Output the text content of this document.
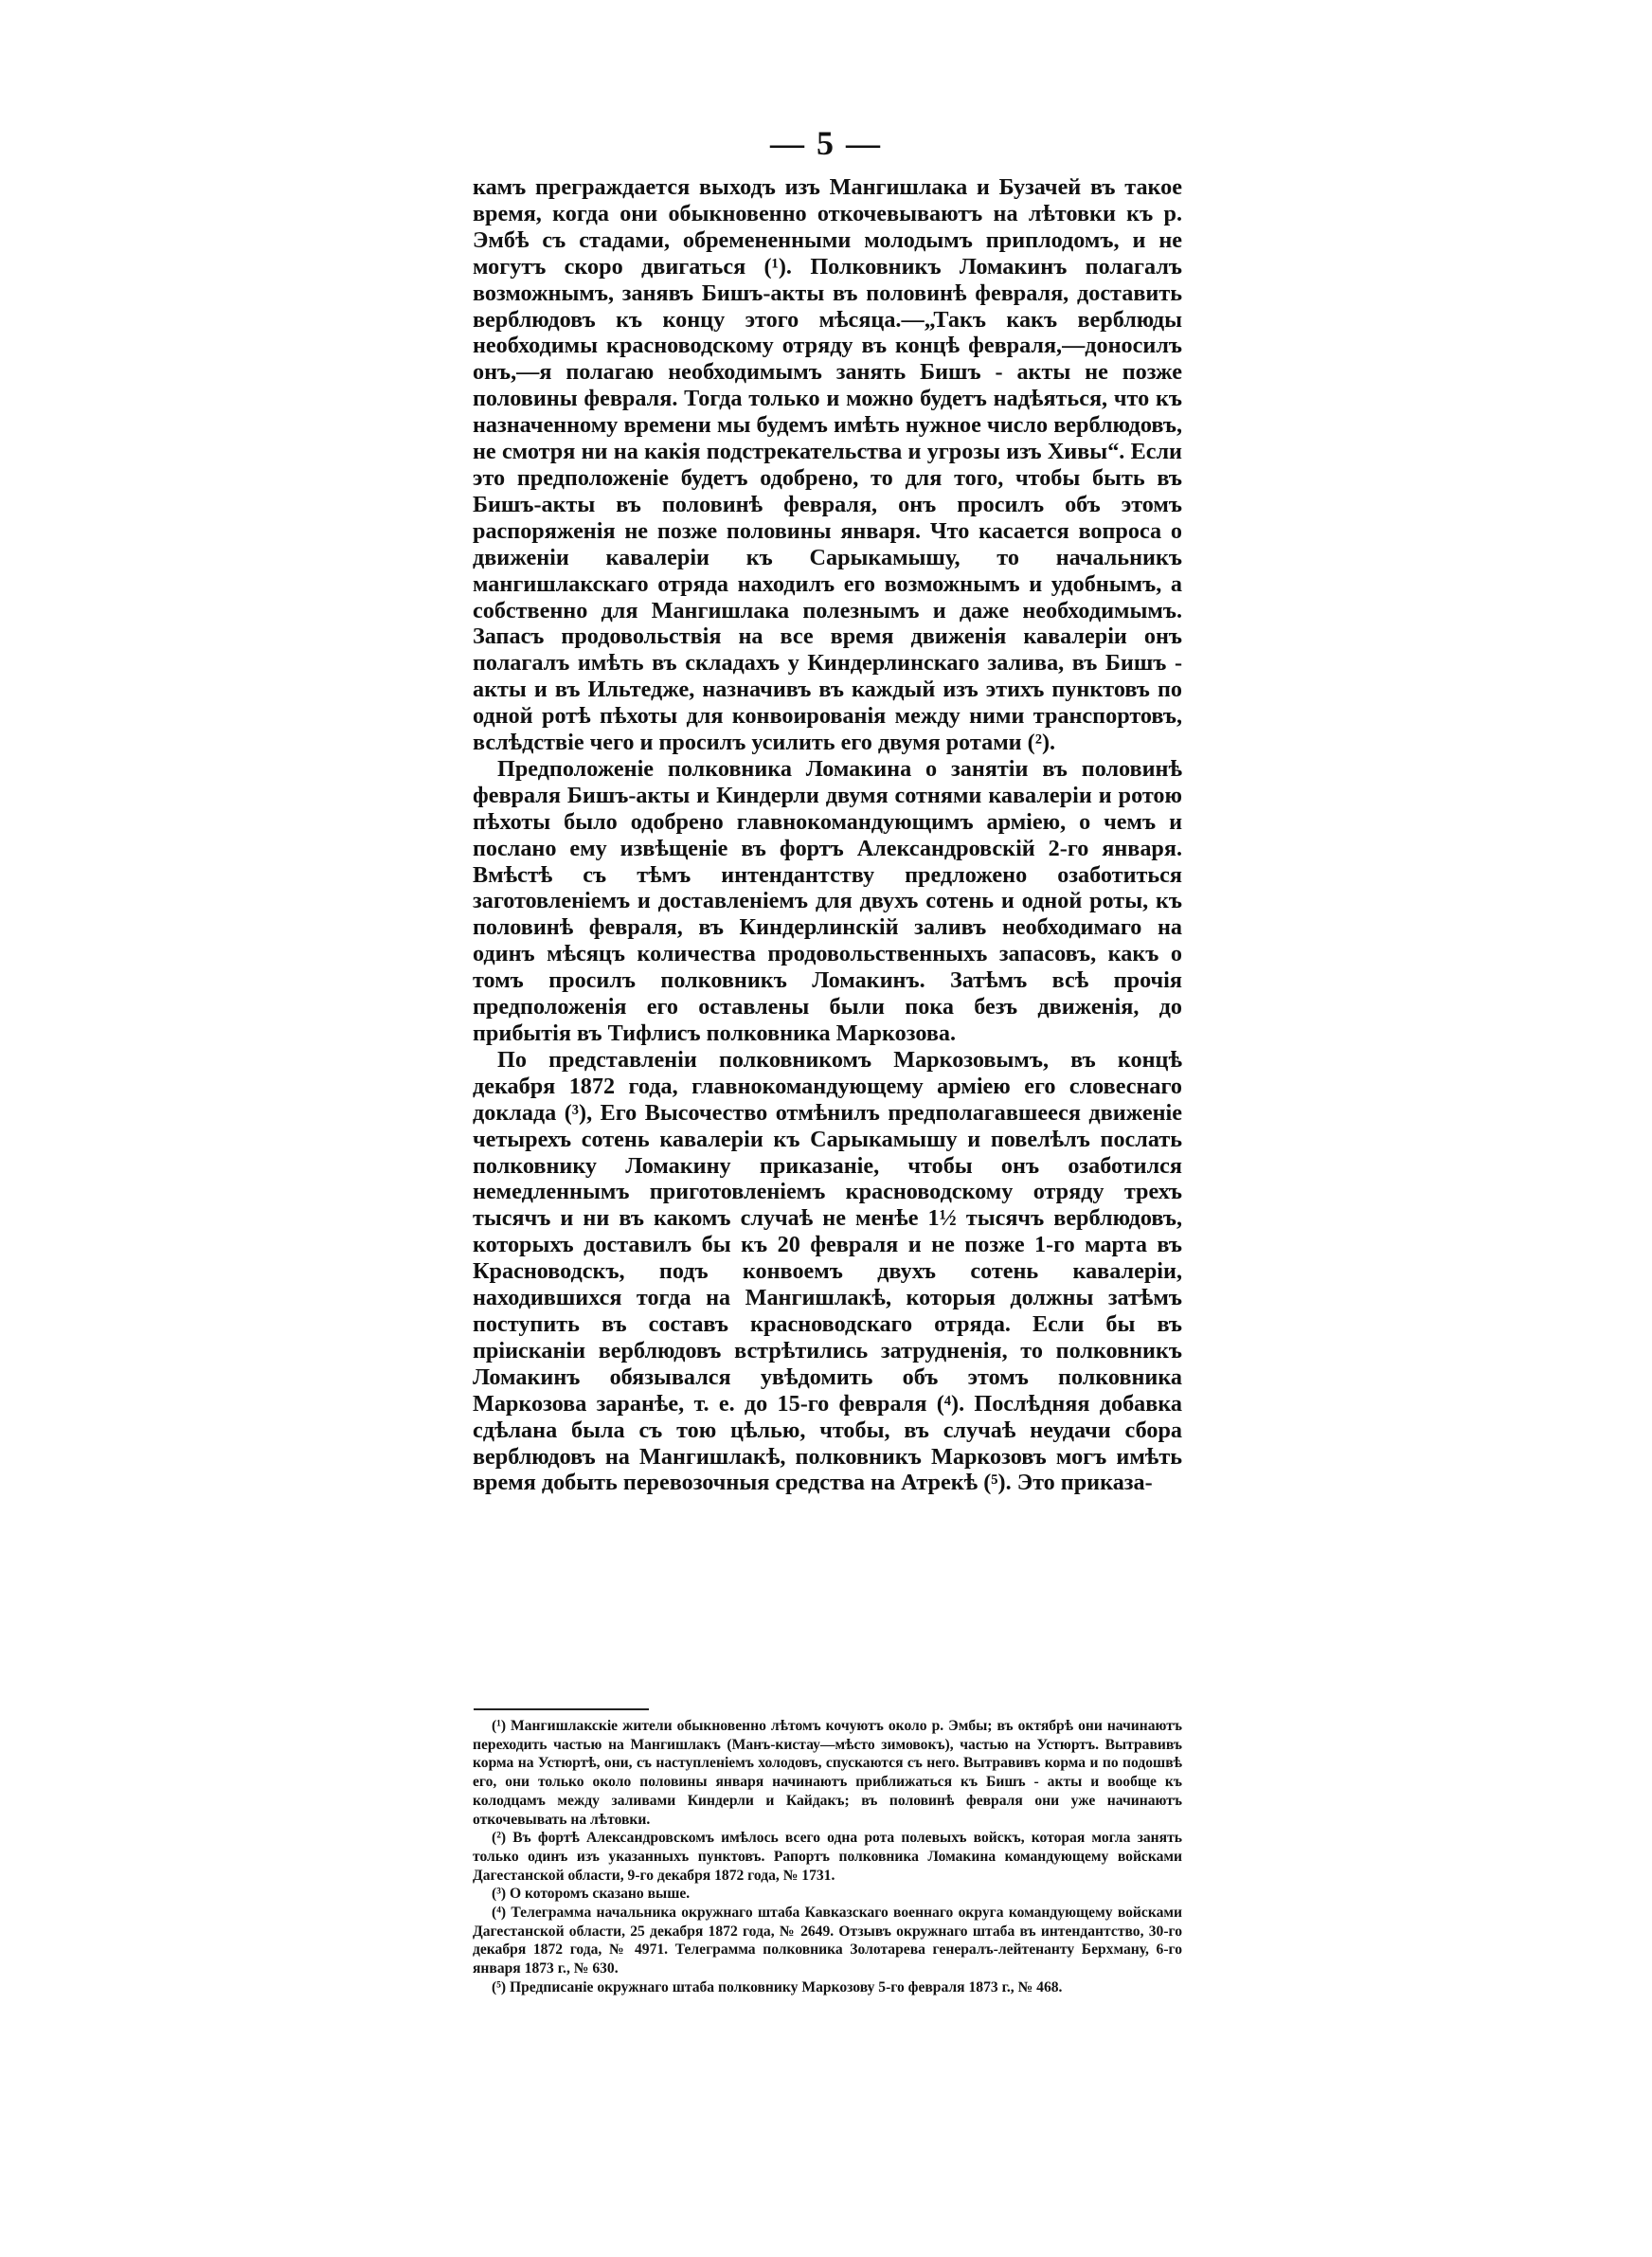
— 5 —

камъ преграждается выходъ изъ Мангишлака и Бузачей въ такое время, когда они обыкновенно откочевываютъ на лѣтовки къ р. Эмбѣ съ стадами, обремененными молодымъ приплодомъ, и не могутъ скоро двигаться (¹). Полковникъ Ломакинъ полагалъ возможнымъ, занявъ Бишъ-акты въ половинѣ февраля, доставить верблюдовъ къ концу этого мѣсяца.—„Такъ какъ верблюды необходимы красноводскому отряду въ концѣ февраля,—доносилъ онъ,—я полагаю необходимымъ занять Бишъ - акты не позже половины февраля. Тогда только и можно будетъ надѣяться, что къ назначенному времени мы будемъ имѣть нужное число верблюдовъ, не смотря ни на какія подстрекательства и угрозы изъ Хивы“. Если это предположеніе будетъ одобрено, то для того, чтобы быть въ Бишъ-акты въ половинѣ февраля, онъ просилъ объ этомъ распоряженія не позже половины января. Что касается вопроса о движеніи кавалеріи къ Сарыкамышу, то начальникъ мангишлакскаго отряда находилъ его возможнымъ и удобнымъ, а собственно для Мангишлака полезнымъ и даже необходимымъ. Запасъ продовольствія на все время движенія кавалеріи онъ полагалъ имѣть въ складахъ у Киндерлинскаго залива, въ Бишъ - акты и въ Ильтедже, назначивъ въ каждый изъ этихъ пунктовъ по одной ротѣ пѣхоты для конвоированія между ними транспортовъ, вслѣдствіе чего и просилъ усилить его двумя ротами (²).

Предположеніе полковника Ломакина о занятіи въ половинѣ февраля Бишъ-акты и Киндерли двумя сотнями кавалеріи и ротою пѣхоты было одобрено главнокомандующимъ арміею, о чемъ и послано ему извѣщеніе въ фортъ Александровскій 2-го января. Вмѣстѣ съ тѣмъ интендантству предложено озаботиться заготовленіемъ и доставленіемъ для двухъ сотень и одной роты, къ половинѣ февраля, въ Киндерлинскій заливъ необходимаго на одинъ мѣсяцъ количества продовольственныхъ запасовъ, какъ о томъ просилъ полковникъ Ломакинъ. Затѣмъ всѣ прочія предположенія его оставлены были пока безъ движенія, до прибытія въ Тифлисъ полковника Маркозова.

По представленіи полковникомъ Маркозовымъ, въ концѣ декабря 1872 года, главнокомандующему арміею его словеснаго доклада (³), Его Высочество отмѣнилъ предполагавшееся движеніе четырехъ сотень кавалеріи къ Сарыкамышу и повелѣлъ послать полковнику Ломакину приказаніе, чтобы онъ озаботился немедленнымъ приготовленіемъ красноводскому отряду трехъ тысячъ и ни въ какомъ случаѣ не менѣе 1½ тысячъ верблюдовъ, которыхъ доставилъ бы къ 20 февраля и не позже 1-го марта въ Красноводскъ, подъ конвоемъ двухъ сотень кавалеріи, находившихся тогда на Мангишлакѣ, которыя должны затѣмъ поступить въ составъ красноводскаго отряда. Если бы въ пріисканіи верблюдовъ встрѣтились затрудненія, то полковникъ Ломакинъ обязывался увѣдомить объ этомъ полковника Маркозова заранѣе, т. е. до 15-го февраля (⁴). Послѣдняя добавка сдѣлана была съ тою цѣлью, чтобы, въ случаѣ неудачи сбора верблюдовъ на Мангишлакѣ, полковникъ Маркозовъ могъ имѣть время добыть перевозочныя средства на Атрекѣ (⁵). Это приказа-

(¹) Мангишлакскіе жители обыкновенно лѣтомъ кочуютъ около р. Эмбы; въ октябрѣ они начинаютъ переходить частью на Мангишлакъ (Манъ-кистау—мѣсто зимовокъ), частью на Устюртъ. Вытравивъ корма на Устюртѣ, они, съ наступленіемъ холодовъ, спускаются съ него. Вытравивъ корма и по подошвѣ его, они только около половины января начинаютъ приближаться къ Бишъ - акты и вообще къ колодцамъ между заливами Киндерли и Кайдакъ; въ половинѣ февраля они уже начинаютъ откочевывать на лѣтовки.

(²) Въ фортѣ Александровскомъ имѣлось всего одна рота полевыхъ войскъ, которая могла занять только одинъ изъ указанныхъ пунктовъ. Рапортъ полковника Ломакина командующему войсками Дагестанской области, 9-го декабря 1872 года, № 1731.

(³) О которомъ сказано выше.

(⁴) Телеграмма начальника окружнаго штаба Кавказскаго военнаго округа командующему войсками Дагестанской области, 25 декабря 1872 года, № 2649. Отзывъ окружнаго штаба въ интендантство, 30-го декабря 1872 года, № 4971. Телеграмма полковника Золотарева генералъ-лейтенанту Берхману, 6-го января 1873 г., № 630.

(⁵) Предписаніе окружнаго штаба полковнику Маркозову 5-го февраля 1873 г., № 468.
